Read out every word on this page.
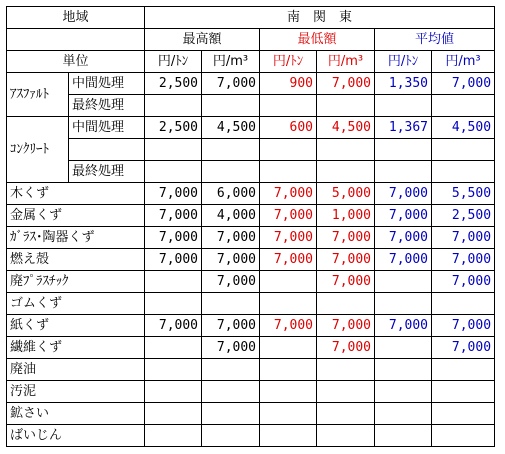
地域		南　関　東					
		最高額		最低額		平均値	
単位		円/ﾄﾝ	円/m³	円/ﾄﾝ	円/m³	円/ﾄﾝ	円/m³
ｱｽﾌｧﾙﾄ	中間処理	2,500	7,000	900	7,000	1,350	7,000
	最終処理						
ｺﾝｸﾘｰﾄ	中間処理	2,500	4,500	600	4,500	1,367	4,500

	最終処理						
木くず		7,000	6,000	7,000	5,000	7,000	5,500
金属くず		7,000	4,000	7,000	1,000	7,000	2,500
ｶﾞﾗｽ･陶器くず		7,000	7,000	7,000	7,000	7,000	7,000
燃え殻		7,000	7,000	7,000	7,000	7,000	7,000
廃ﾌﾟﾗｽﾁｯｸ			7,000		7,000		7,000
ゴムくず							
紙くず		7,000	7,000	7,000	7,000	7,000	7,000
繊維くず			7,000		7,000		7,000
廃油							
汚泥							
鉱さい							
ばいじん							
